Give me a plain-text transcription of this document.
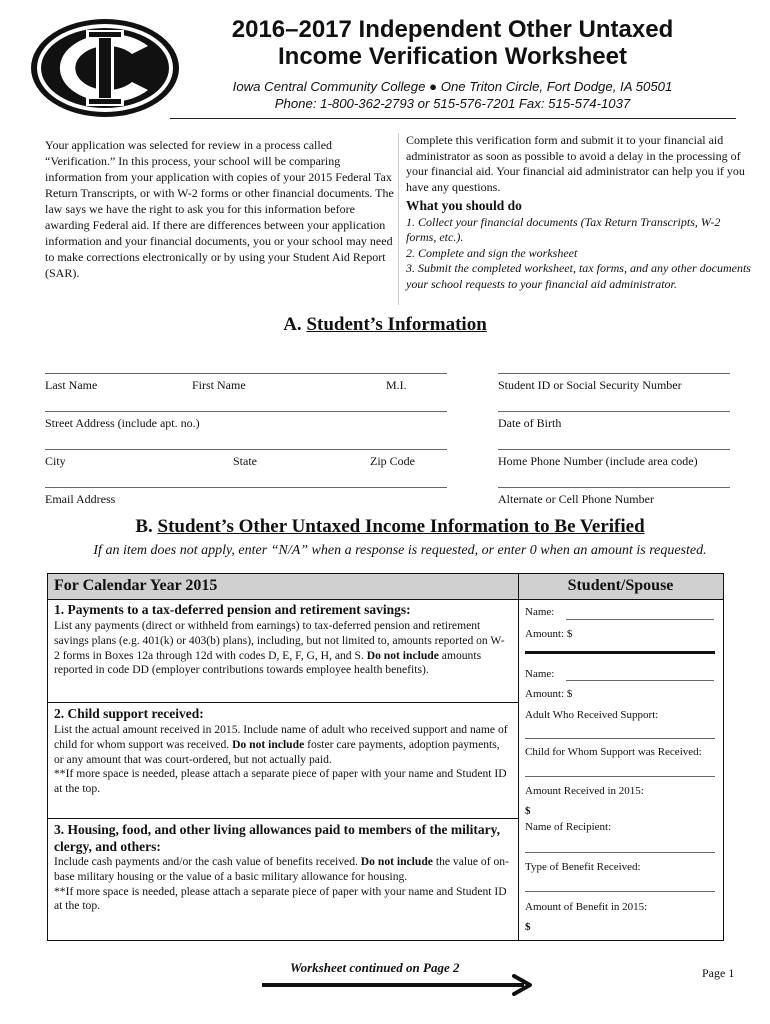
2016–2017 Independent Other Untaxed
Income Verification Worksheet
Iowa Central Community College ● One Triton Circle, Fort Dodge, IA 50501
Phone: 1-800-362-2793 or 515-576-7201 Fax: 515-574-1037
Your application was selected for review in a process called “Verification.” In this process, your school will be comparing information from your application with copies of your 2015 Federal Tax Return Transcripts, or with W-2 forms or other financial documents. The law says we have the right to ask you for this information before awarding Federal aid. If there are differences between your application information and your financial documents, you or your school may need to make corrections electronically or by using your Student Aid Report (SAR).
Complete this verification form and submit it to your financial aid administrator as soon as possible to avoid a delay in the processing of your financial aid. Your financial aid administrator can help you if you have any questions.
What you should do
1. Collect your financial documents (Tax Return Transcripts, W-2 forms, etc.).
2. Complete and sign the worksheet
3. Submit the completed worksheet, tax forms, and any other documents your school requests to your financial aid administrator.
A. Student’s Information
Last Name	First Name	M.I.	Student ID or Social Security Number
Street Address (include apt. no.)	Date of Birth
City	State	Zip Code	Home Phone Number (include area code)
Email Address	Alternate or Cell Phone Number
B. Student’s Other Untaxed Income Information to Be Verified
If an item does not apply, enter “N/A” when a response is requested, or enter 0 when an amount is requested.
For Calendar Year 2015	Student/Spouse
1. Payments to a tax-deferred pension and retirement savings:
List any payments (direct or withheld from earnings) to tax-deferred pension and retirement savings plans (e.g. 401(k) or 403(b) plans), including, but not limited to, amounts reported on W-2 forms in Boxes 12a through 12d with codes D, E, F, G, H, and S. Do not include amounts reported in code DD (employer contributions towards employee health benefits).
Name:
Amount: $
Name:
Amount: $
2. Child support received:
List the actual amount received in 2015. Include name of adult who received support and name of child for whom support was received. Do not include foster care payments, adoption payments, or any amount that was court-ordered, but not actually paid.
**If more space is needed, please attach a separate piece of paper with your name and Student ID at the top.
Adult Who Received Support:
Child for Whom Support was Received:
Amount Received in 2015:
$
3. Housing, food, and other living allowances paid to members of the military, clergy, and others:
Include cash payments and/or the cash value of benefits received. Do not include the value of on-base military housing or the value of a basic military allowance for housing.
**If more space is needed, please attach a separate piece of paper with your name and Student ID at the top.
Name of Recipient:
Type of Benefit Received:
Amount of Benefit in 2015:
$
Worksheet continued on Page 2	Page 1
